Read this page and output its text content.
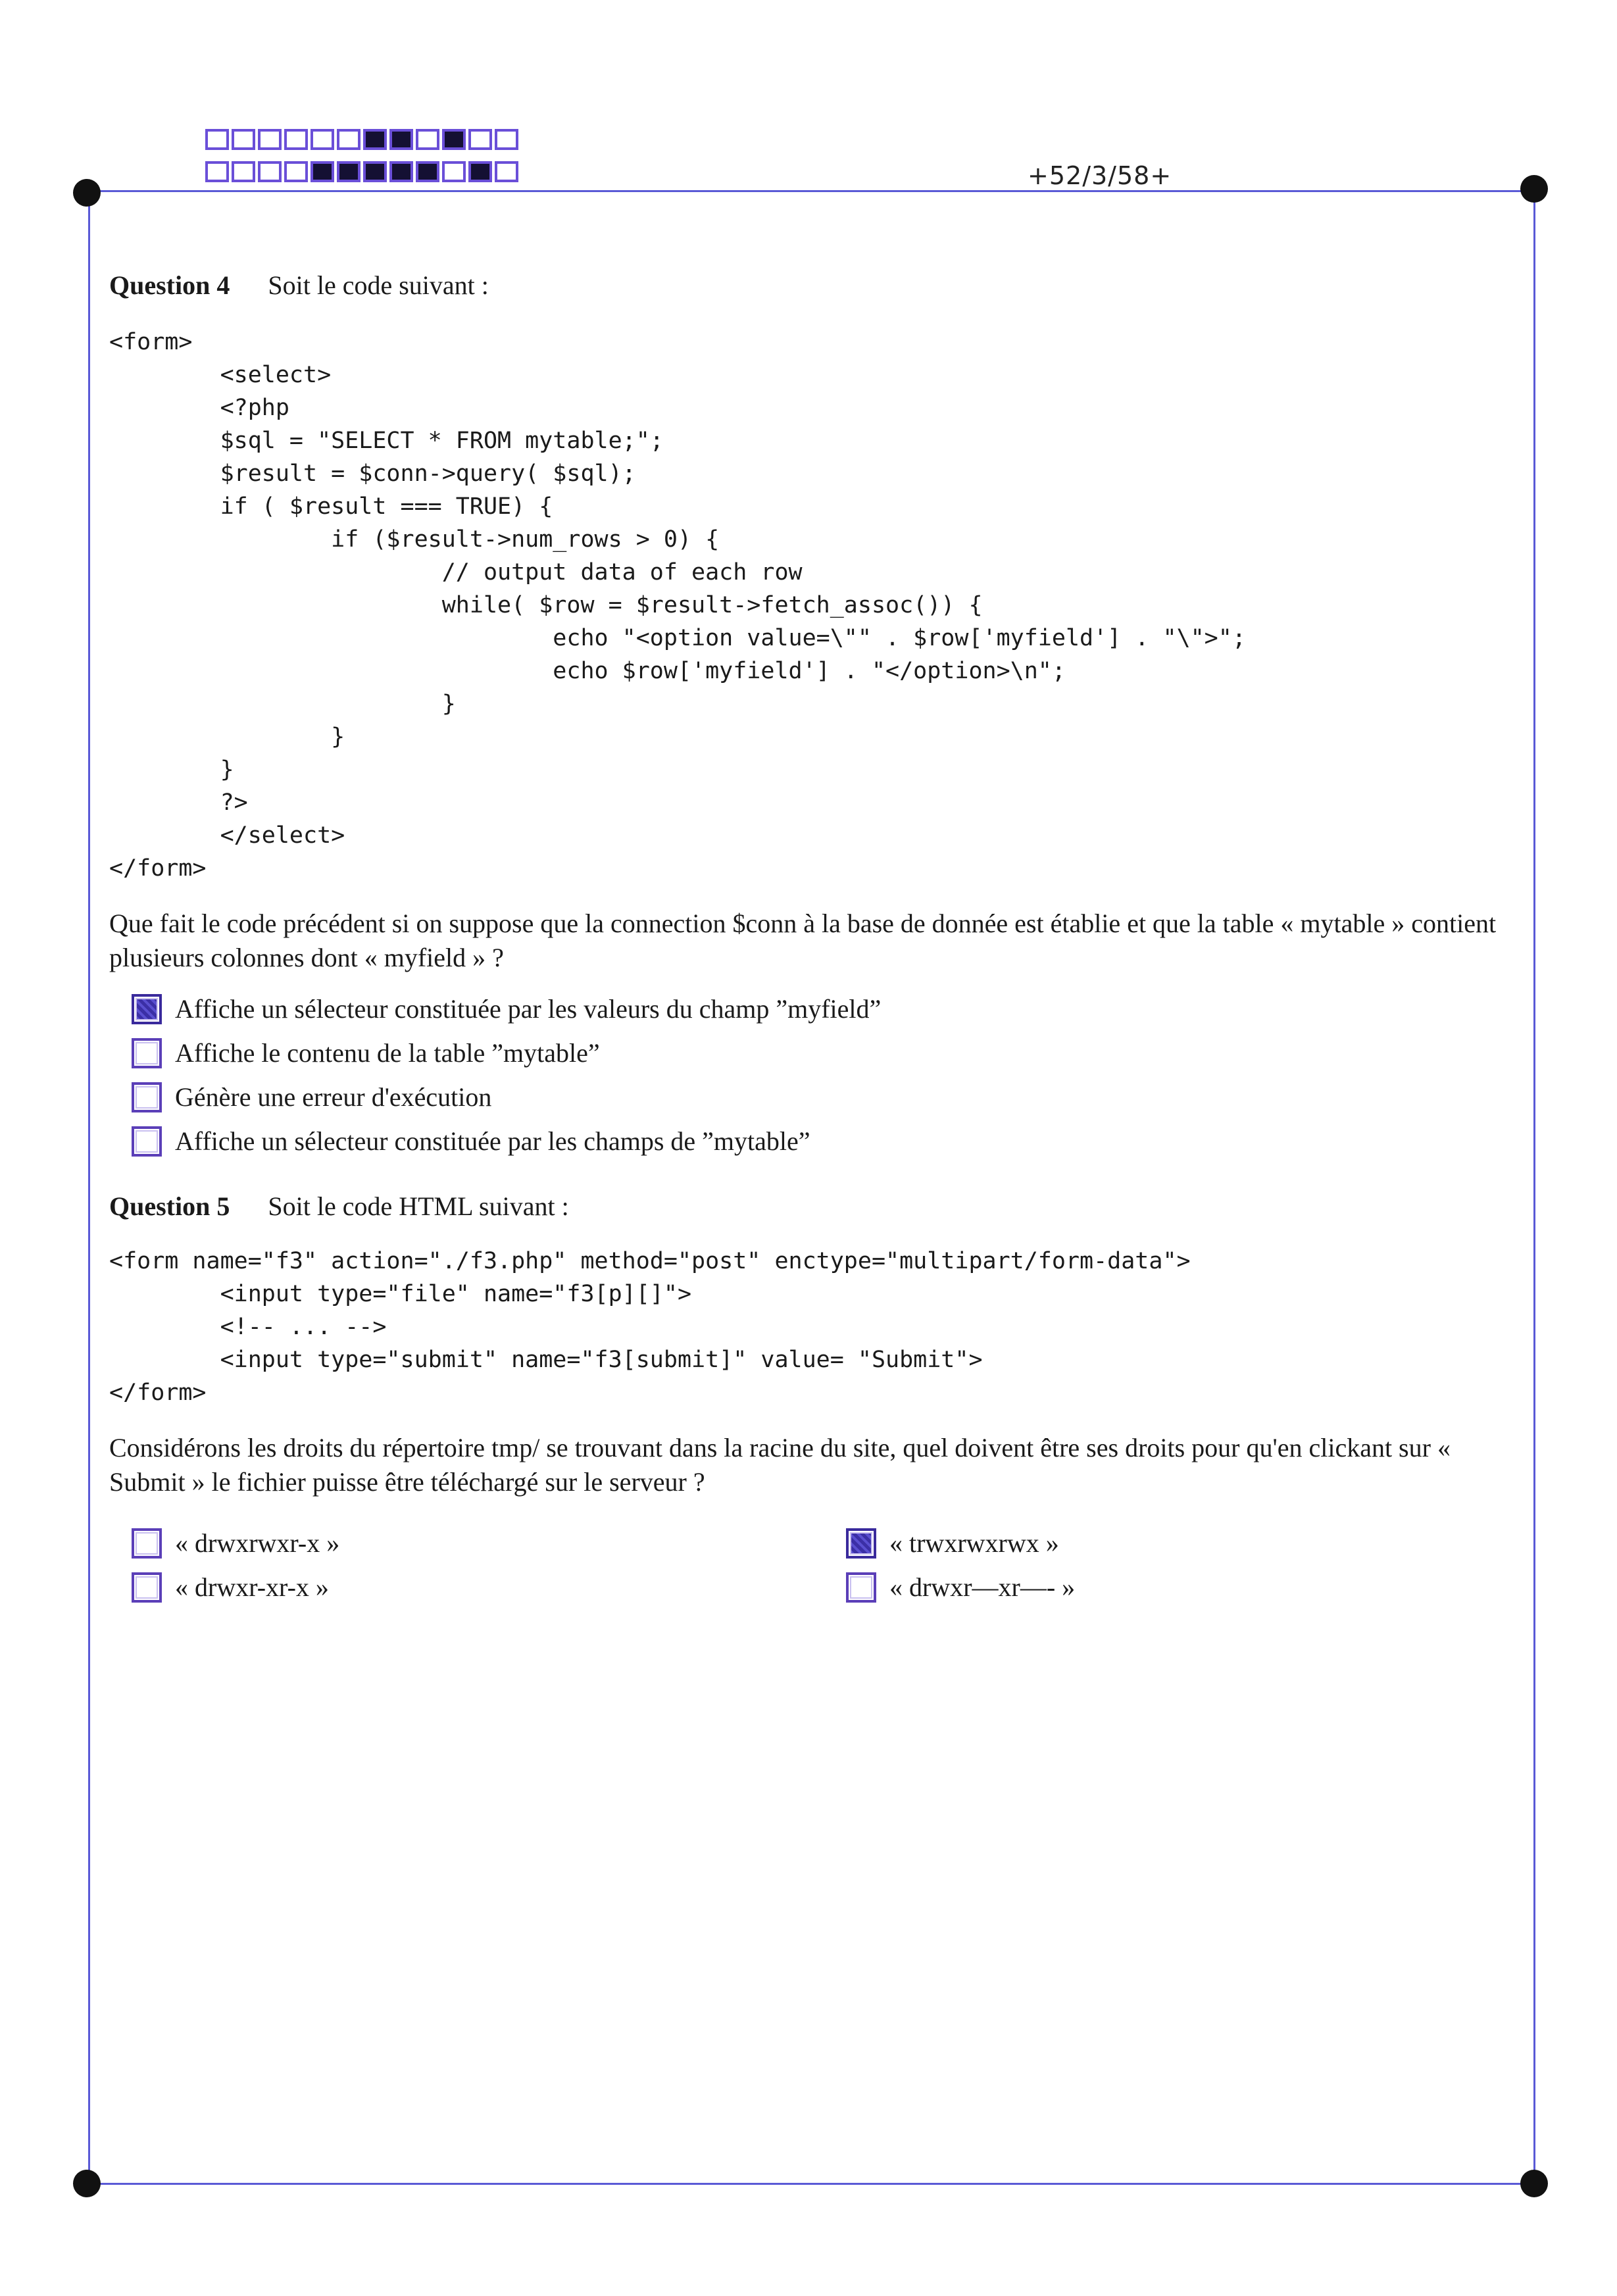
+52/3/58+
Question 4 Soit le code suivant :
<form>
<select>
<?php
$sql = "SELECT * FROM mytable;";
$result = $conn->query( $sql);
if ( $result === TRUE) {
if ($result->num_rows > 0) {
// output data of each row
while( $row = $result->fetch_assoc()) {
echo "<option value=\"" . $row['myfield'] . "\">";
echo $row['myfield'] . "</option>\n";
}
}
}
?>
</select>
</form>

Que fait le code précédent si on suppose que la connection $conn à la base de donnée est établie et que la table « mytable » contient plusieurs colonnes dont « myfield » ?

Affiche un sélecteur constituée par les valeurs du champ ”myfield”
Affiche le contenu de la table ”mytable”
Génère une erreur d'exécution
Affiche un sélecteur constituée par les champs de ”mytable”
Question 5 Soit le code HTML suivant :
<form name="f3" action="./f3.php" method="post" enctype="multipart/form-data">
<input type="file" name="f3[p][]">
<!-- ... -->
<input type="submit" name="f3[submit]" value= "Submit">
</form>

Considérons les droits du répertoire tmp/ se trouvant dans la racine du site, quel doivent être ses droits pour qu'en clickant sur « Submit » le fichier puisse être téléchargé sur le serveur ?

« drwxrwxr-x »	« trwxrwxrwx »
« drwxr-xr-x »	« drwxr—xr—- »
